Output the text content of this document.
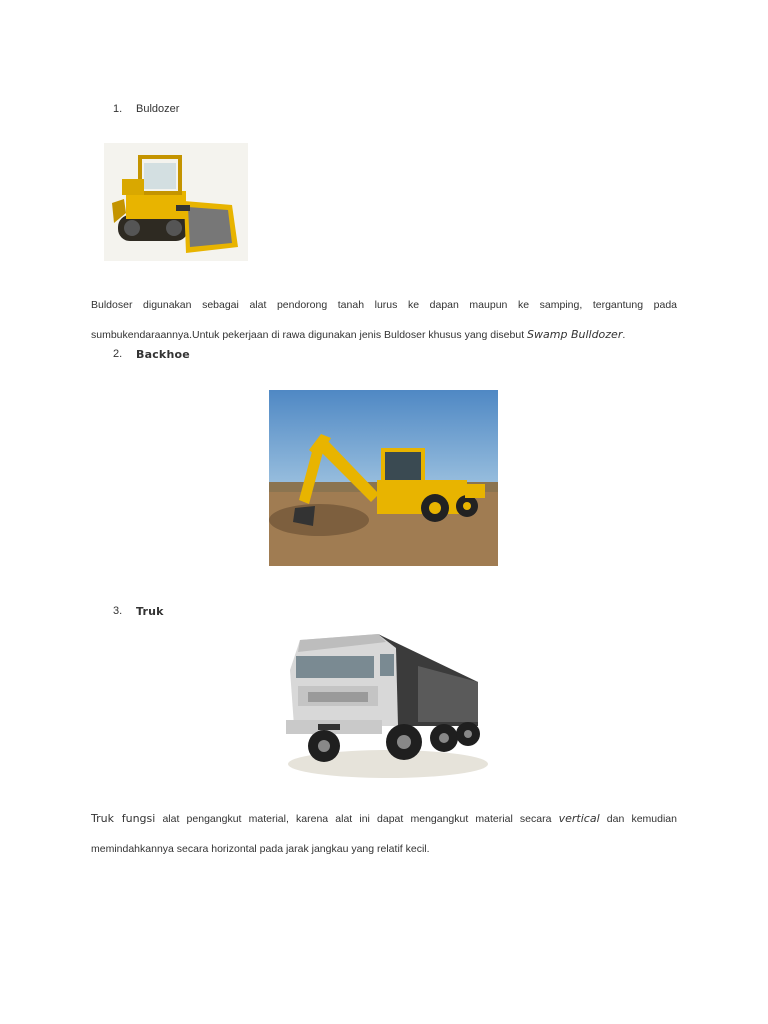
1. Buldozer
Buldoser digunakan sebagai alat pendorong tanah lurus ke dapan maupun ke samping, tergantung pada
sumbukendaraannya.Untuk pekerjaan di rawa digunakan jenis Buldoser khusus yang disebut Swamp Bulldozer.
2. Backhoe
3. Truk
Truk fungsi alat pengangkut material, karena alat ini dapat mengangkut material secara vertical dan kemudian
memindahkannya secara horizontal pada jarak jangkau yang relatif kecil.
